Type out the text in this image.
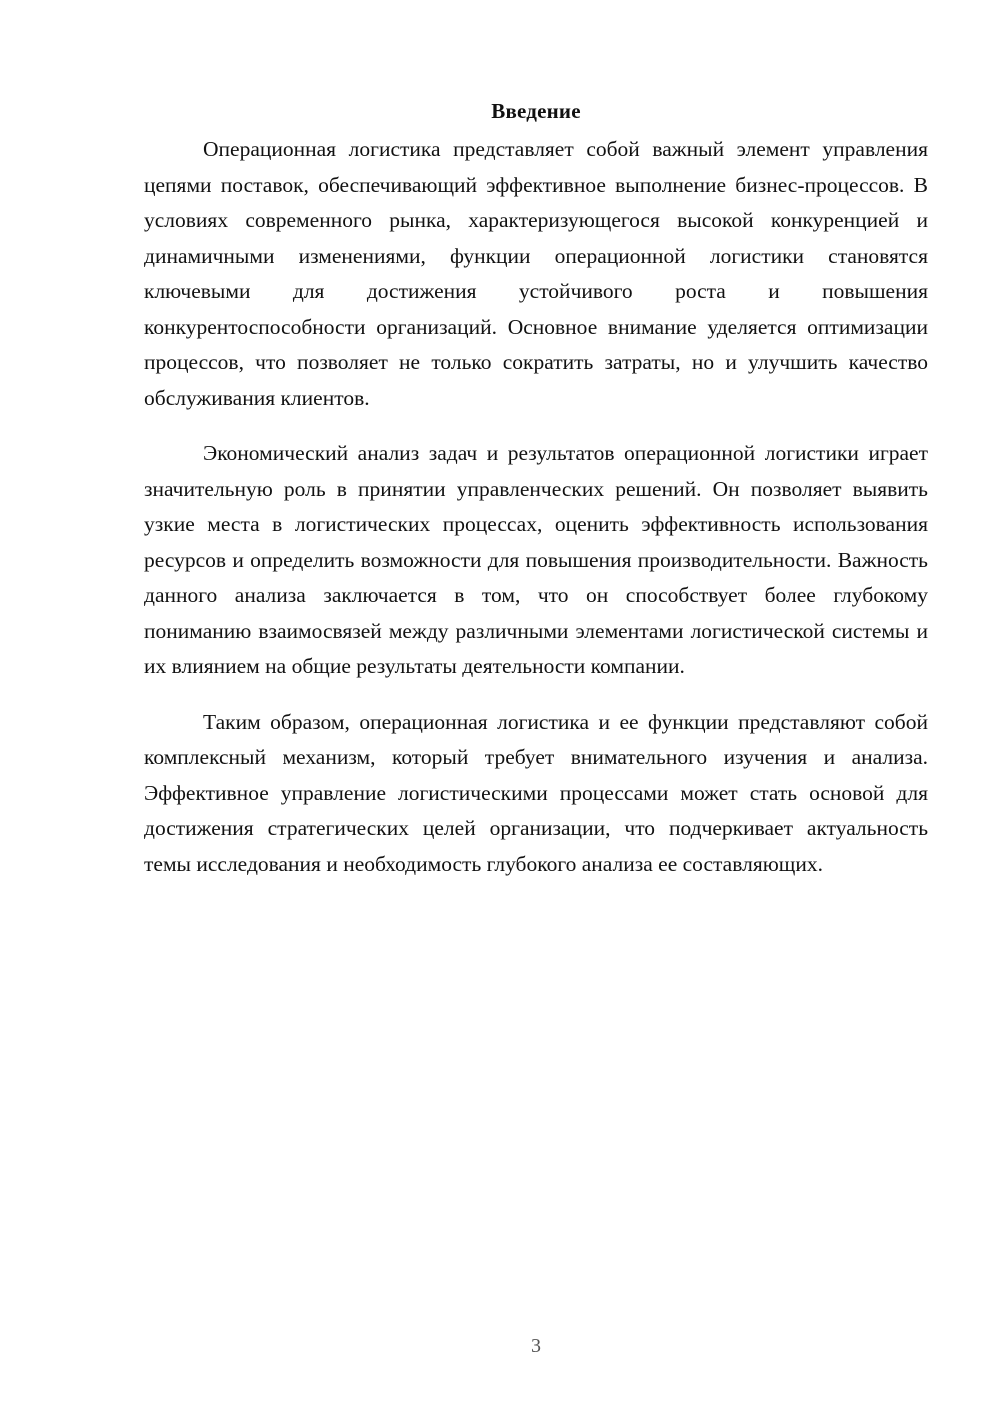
Введение

Операционная логистика представляет собой важный элемент управления цепями поставок, обеспечивающий эффективное выполнение бизнес-процессов. В условиях современного рынка, характеризующегося высокой конкуренцией и динамичными изменениями, функции операционной логистики становятся ключевыми для достижения устойчивого роста и повышения конкурентоспособности организаций. Основное внимание уделяется оптимизации процессов, что позволяет не только сократить затраты, но и улучшить качество обслуживания клиентов.

Экономический анализ задач и результатов операционной логистики играет значительную роль в принятии управленческих решений. Он позволяет выявить узкие места в логистических процессах, оценить эффективность использования ресурсов и определить возможности для повышения производительности. Важность данного анализа заключается в том, что он способствует более глубокому пониманию взаимосвязей между различными элементами логистической системы и их влиянием на общие результаты деятельности компании.

Таким образом, операционная логистика и ее функции представляют собой комплексный механизм, который требует внимательного изучения и анализа. Эффективное управление логистическими процессами может стать основой для достижения стратегических целей организации, что подчеркивает актуальность темы исследования и необходимость глубокого анализа ее составляющих.

3
